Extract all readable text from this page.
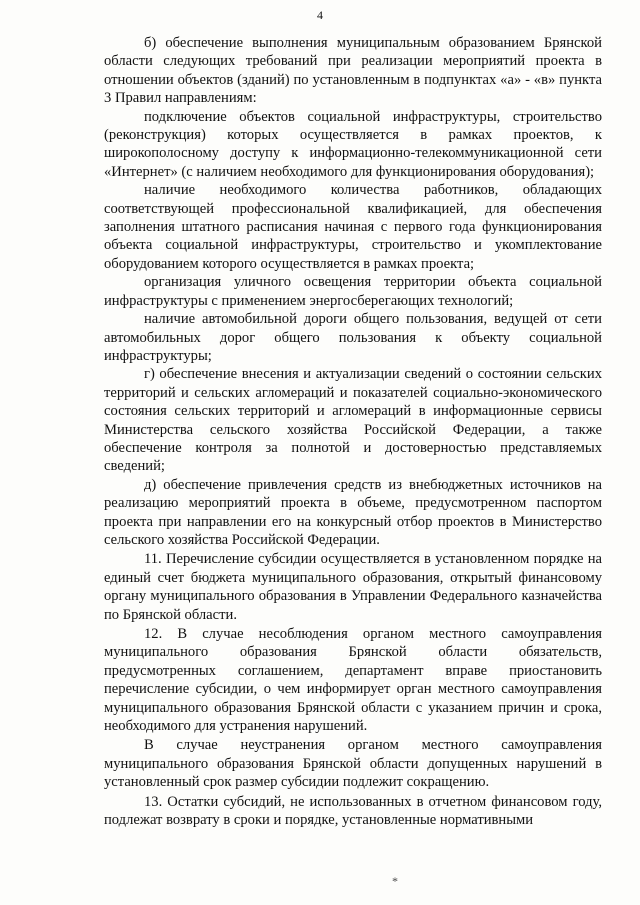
4

б) обеспечение выполнения муниципальным образованием Брянской области следующих требований при реализации мероприятий проекта в отношении объектов (зданий) по установленным в подпунктах «а» - «в» пункта 3 Правил направлениям:

подключение объектов социальной инфраструктуры, строительство (реконструкция) которых осуществляется в рамках проектов, к широкополосному доступу к информационно-телекоммуникационной сети «Интернет» (с наличием необходимого для функционирования оборудования);

наличие необходимого количества работников, обладающих соответствующей профессиональной квалификацией, для обеспечения заполнения штатного расписания начиная с первого года функционирования объекта социальной инфраструктуры, строительство и укомплектование оборудованием которого осуществляется в рамках проекта;

организация уличного освещения территории объекта социальной инфраструктуры с применением энергосберегающих технологий;

наличие автомобильной дороги общего пользования, ведущей от сети автомобильных дорог общего пользования к объекту социальной инфраструктуры;

г) обеспечение внесения и актуализации сведений о состоянии сельских территорий и сельских агломераций и показателей социально-экономического состояния сельских территорий и агломераций в информационные сервисы Министерства сельского хозяйства Российской Федерации, а также обеспечение контроля за полнотой и достоверностью представляемых сведений;

д) обеспечение привлечения средств из внебюджетных источников на реализацию мероприятий проекта в объеме, предусмотренном паспортом проекта при направлении его на конкурсный отбор проектов в Министерство сельского хозяйства Российской Федерации.

11. Перечисление субсидии осуществляется в установленном порядке на единый счет бюджета муниципального образования, открытый финансовому органу муниципального образования в Управлении Федерального казначейства по Брянской области.

12. В случае несоблюдения органом местного самоуправления муниципального образования Брянской области обязательств, предусмотренных соглашением, департамент вправе приостановить перечисление субсидии, о чем информирует орган местного самоуправления муниципального образования Брянской области с указанием причин и срока, необходимого для устранения нарушений.

В случае неустранения органом местного самоуправления муниципального образования Брянской области допущенных нарушений в установленный срок размер субсидии подлежит сокращению.

13. Остатки субсидий, не использованных в отчетном финансовом году, подлежат возврату в сроки и порядке, установленные нормативными

*
